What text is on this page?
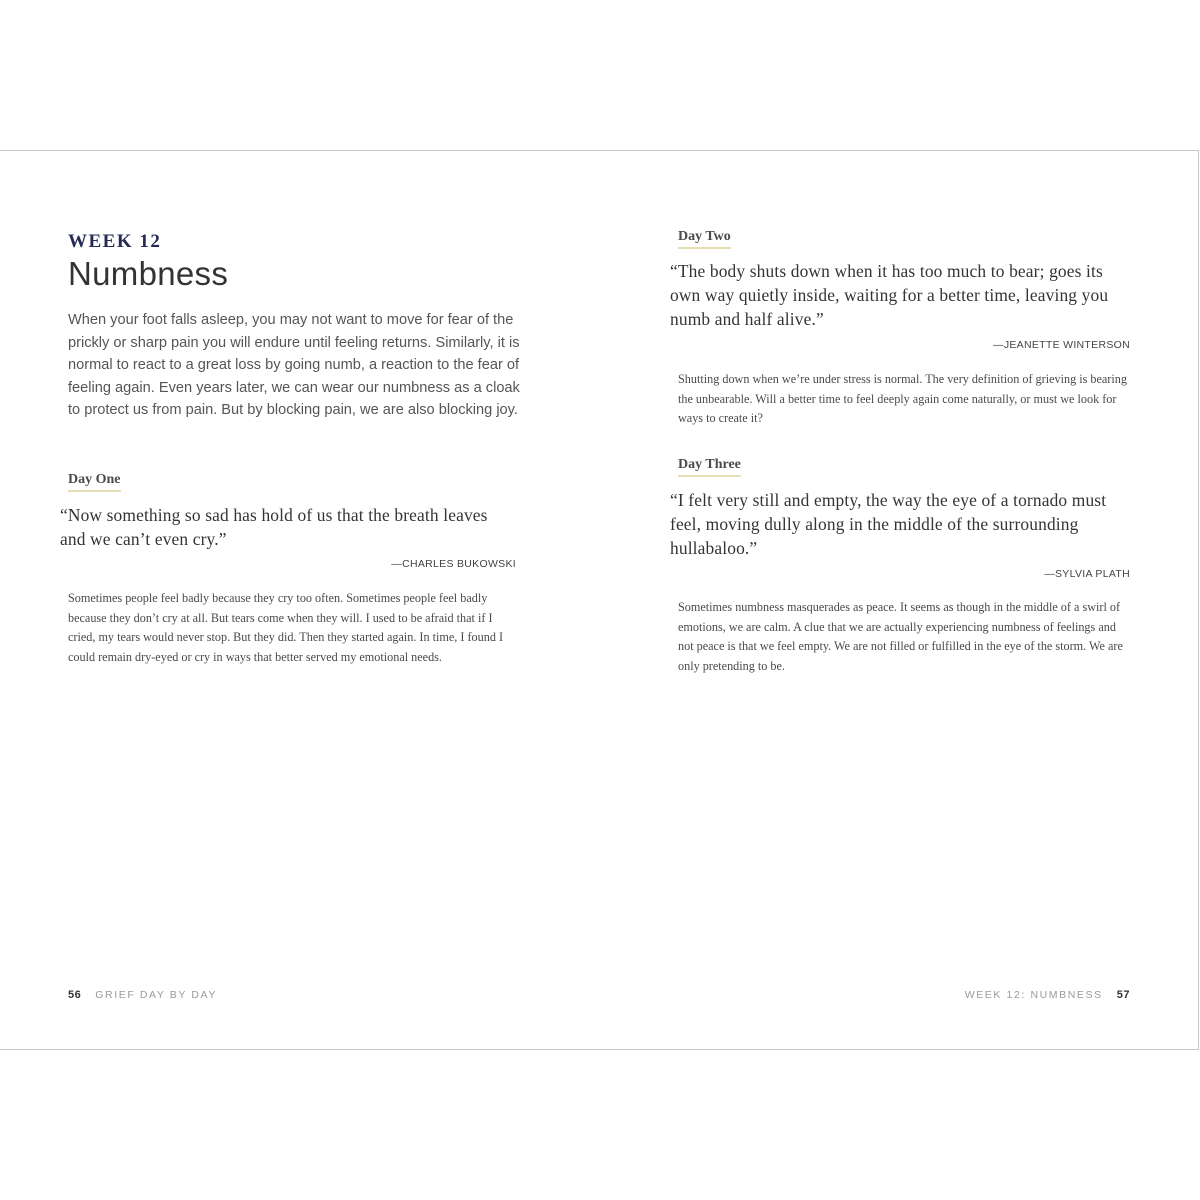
WEEK 12
Numbness

When your foot falls asleep, you may not want to move for fear of the prickly or sharp pain you will endure until feeling returns. Similarly, it is normal to react to a great loss by going numb, a reaction to the fear of feeling again. Even years later, we can wear our numbness as a cloak to protect us from pain. But by blocking pain, we are also blocking joy.

Day One

“Now something so sad has hold of us that the breath leaves and we can’t even cry.”

—CHARLES BUKOWSKI

Sometimes people feel badly because they cry too often. Sometimes people feel badly because they don’t cry at all. But tears come when they will. I used to be afraid that if I cried, my tears would never stop. But they did. Then they started again. In time, I found I could remain dry-eyed or cry in ways that better served my emotional needs.

56 GRIEF DAY BY DAY
Day Two

“The body shuts down when it has too much to bear; goes its own way quietly inside, waiting for a better time, leaving you numb and half alive.”

—JEANETTE WINTERSON

Shutting down when we’re under stress is normal. The very definition of grieving is bearing the unbearable. Will a better time to feel deeply again come naturally, or must we look for ways to create it?

Day Three

“I felt very still and empty, the way the eye of a tornado must feel, moving dully along in the middle of the surrounding hullabaloo.”

—SYLVIA PLATH

Sometimes numbness masquerades as peace. It seems as though in the middle of a swirl of emotions, we are calm. A clue that we are actually experiencing numbness of feelings and not peace is that we feel empty. We are not filled or fulfilled in the eye of the storm. We are only pretending to be.

WEEK 12: NUMBNESS 57
